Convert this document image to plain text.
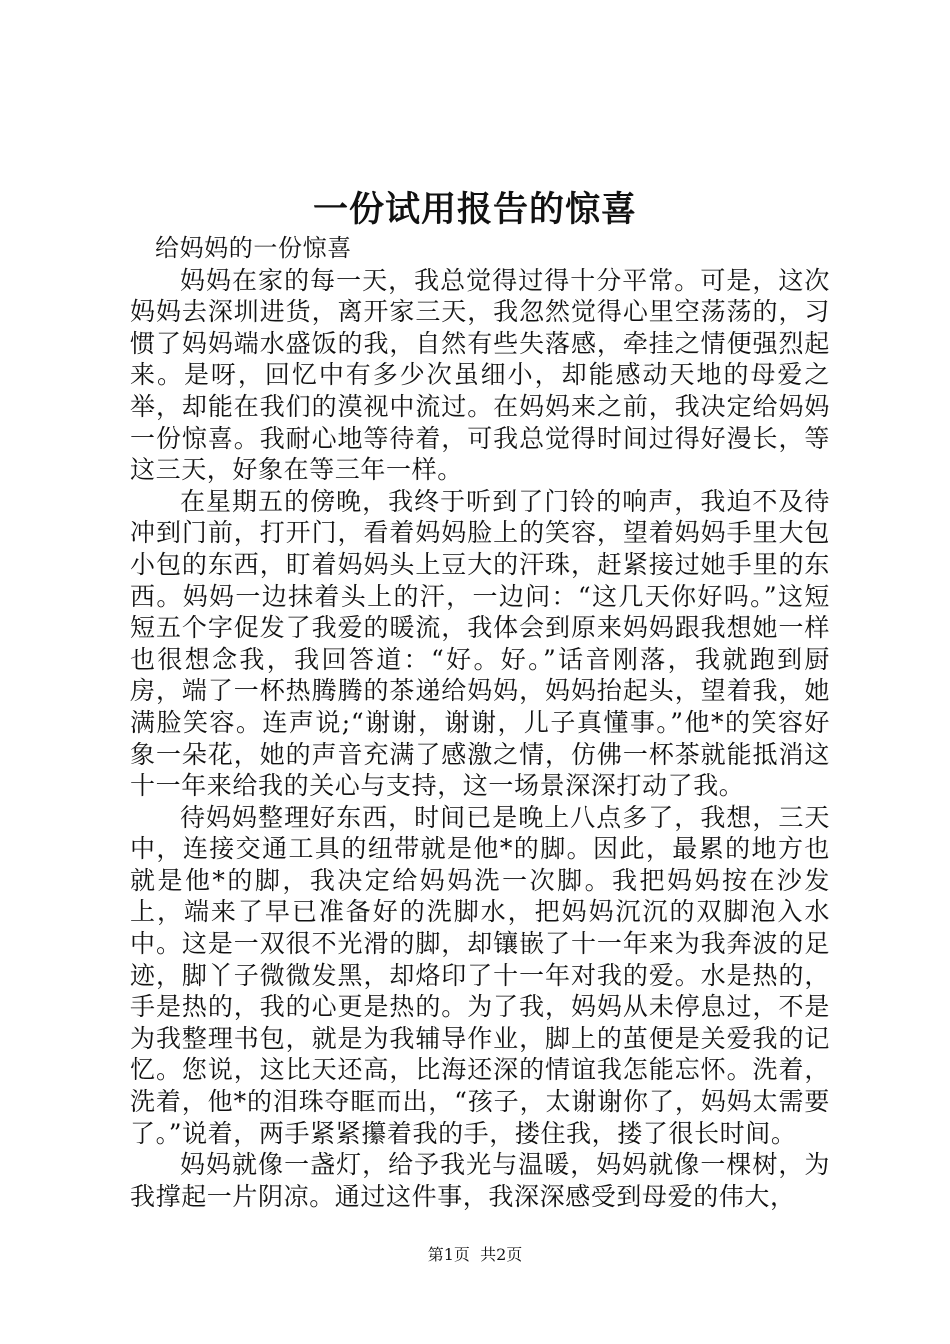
一份试用报告的惊喜

给妈妈的一份惊喜

妈妈在家的每一天，我总觉得过得十分平常。可是，这次妈妈去深圳进货，离开家三天，我忽然觉得心里空荡荡的，习惯了妈妈端水盛饭的我，自然有些失落感，牵挂之情便强烈起来。是呀，回忆中有多少次虽细小，却能感动天地的母爱之举，却能在我们的漠视中流过。在妈妈来之前，我决定给妈妈一份惊喜。我耐心地等待着，可我总觉得时间过得好漫长，等这三天，好象在等三年一样。

在星期五的傍晚，我终于听到了门铃的响声，我迫不及待冲到门前，打开门，看着妈妈脸上的笑容，望着妈妈手里大包小包的东西，盯着妈妈头上豆大的汗珠，赶紧接过她手里的东西。妈妈一边抹着头上的汗，一边问：“这几天你好吗。”这短短五个字促发了我爱的暖流，我体会到原来妈妈跟我想她一样也很想念我，我回答道：“好。好。”话音刚落，我就跑到厨房，端了一杯热腾腾的茶递给妈妈，妈妈抬起头，望着我，她满脸笑容。连声说;“谢谢，谢谢，儿子真懂事。”他*的笑容好象一朵花，她的声音充满了感激之情，仿佛一杯茶就能抵消这十一年来给我的关心与支持，这一场景深深打动了我。

待妈妈整理好东西，时间已是晚上八点多了，我想，三天中，连接交通工具的纽带就是他*的脚。因此，最累的地方也就是他*的脚，我决定给妈妈洗一次脚。我把妈妈按在沙发上，端来了早已准备好的洗脚水，把妈妈沉沉的双脚泡入水中。这是一双很不光滑的脚，却镶嵌了十一年来为我奔波的足迹，脚丫子微微发黑，却烙印了十一年对我的爱。水是热的，手是热的，我的心更是热的。为了我，妈妈从未停息过，不是为我整理书包，就是为我辅导作业，脚上的茧便是关爱我的记忆。您说，这比天还高，比海还深的情谊我怎能忘怀。洗着，洗着，他*的泪珠夺眶而出，“孩子，太谢谢你了，妈妈太需要了。”说着，两手紧紧攥着我的手，搂住我，搂了很长时间。

妈妈就像一盏灯，给予我光与温暖，妈妈就像一棵树，为我撑起一片阴凉。通过这件事，我深深感受到母爱的伟大，

第1页 共2页
